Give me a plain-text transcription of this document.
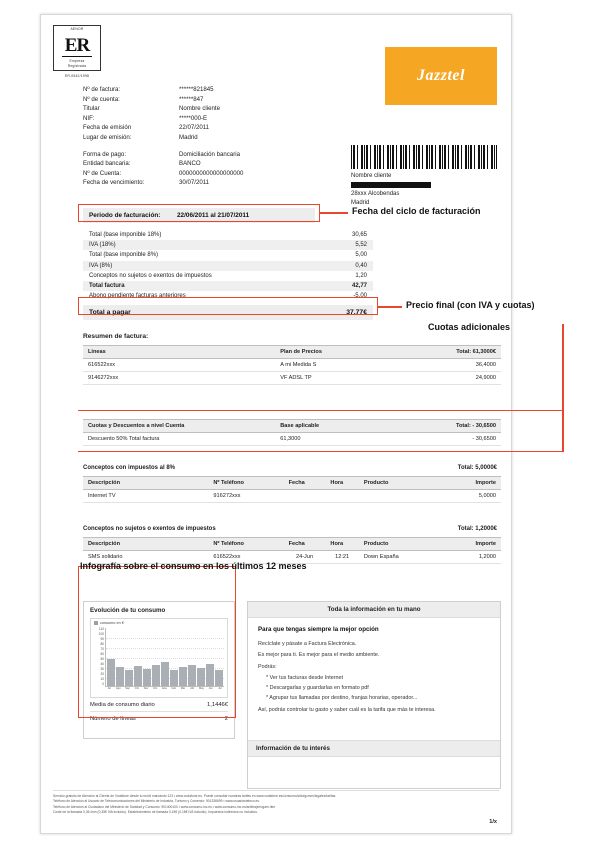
AENOR
ER
Empresa
Registrada
ER-0542/1998	Jazztel
Nº de factura:	******821845
Nº de cuenta:	******847
Titular	Nombre cliente
NIF:	*****000-E
Fecha de emisión	22/07/2011
Lugar de emisión:	Madrid
Forma de pago:	Domiciliación bancaria
Entidad bancaria:	BANCO
Nº de Cuenta:	0000000000000000000
Fecha de vencimiento:	30/07/2011
Nombre cliente
28xxx Alcobendas
Madrid
Periodo de facturación:	22/06/2011 al 21/07/2011
Total (base imponible 18%)	30,65
IVA (18%)	5,52
Total (base imponible 8%)	5,00
IVA (8%)	0,40
Conceptos no sujetos o exentos de impuestos	1,20
Total factura	42,77
Abono pendiente facturas anteriores	-5,00
Total a pagar	37,77€
Resumen de factura:
Lineas	Plan de Precios	Total: 61,3000€
616522xxx	A mi Medida S	36,4000
9146272xxx	VF ADSL TP	24,9000
Cuotas y Descuentos a nivel Cuenta	Base aplicable	Total: - 30,6500
Descuento 50% Total factura	61,3000	- 30,6500
Conceptos con impuestos al 8%	Total: 5,0000€
Descripción	Nº Teléfono	Fecha	Hora	Producto	Importe
Internet TV	916272xxx				5,0000
Conceptos no sujetos o exentos de impuestos	Total: 1,2000€
Descripción	Nº Teléfono	Fecha	Hora	Producto	Importe
SMS solidario	616522xxx	24-Jun	12:21	Down España	1,2000
Evolución de tu consumo
consumo en €
110
100
90
80
70
60
50
40
30
20
10
0
Jul	Ago	Sep	Oct	Nov	Dic	Ene	Feb	Mar	Abr	May	Jun	Jul
Media de consumo diario	1,1446€
Número de líneas	2
Toda la información en tu mano
Para que tengas siempre la mejor opción

Recíclate y pásate a Factura Electrónica.

Es mejor para ti. Es mejor para el medio ambiente.

Podrás:

* Ver tus facturas desde Internet
* Descargarlas y guardarlas en formato pdf
* Agrupar tus llamadas por destino, franjas horarias, operador...

Así, podrás controlar tu gasto y saber cuál es la tarifa que más te interesa.

Información de tu interés
Servicio gratuito de Atención al Cliente de Vodafone desde tu móvil marcando 123 • www.vodafone.es. Puede consultar nuestras tarifas en www.vodafone.es/consumo/sitio/gcmov/legales/tarifas.
Teléfono de Atención al Usuario de Telecomunicaciones del Ministerio de Industria, Turismo y Comercio: 901336699 • www.usuariosteleco.es.
Teléfono de Atención al Ciudadano del Ministerio de Sanidad y Consumo: 901400100 • www.consumo-inc.es • www.consumo-inc.es/arbitraje/rogam.htm
Coste de la llamada 0,36 /min (0,35€ IVA incluido). Establecimiento de llamada 0,15€ (0,18€ IVA incluido). Impuestos indirectos no incluidos.
1/x
Fecha del ciclo de facturación
Precio final (con IVA y cuotas)
Cuotas adicionales
Infografía sobre el consumo en los últimos 12 meses
